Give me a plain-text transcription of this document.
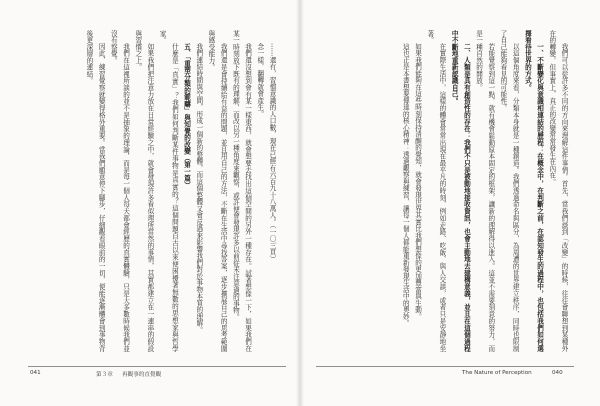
⋯⋯還有，習慣意識的人口數，現在已經有六百九十八萬人。（一〇三頁）

念一樣，翻轉就會產生。

我們還沒想到會有某一樣東西，就會想要去找出這個空間的另外一種存在。試著想像一下，如果我們在某一時刻放下既有的理解，而改以另一種角度來觀察，或許便會發現許多以前從未注意過的事物。

我們還是會持續給有益的問題，並且用自己的方法，不斷在生活中尋找答案，逐步擴展自己的思考範圍與感受能力。

我們連結時間與空間，形成一個新的整體，而這個整體又會反過來影響我們對於事物本質的理解。

五、「重塑分類的範疇」與知覺的改變（第一篇）

什麼是「真實」？我們如何判斷某件事物是真實的？這個問題自古以來便困擾著無數的思想家與哲學家。

如果我們把注意力放在日常經驗之中，就會發現許多看似理所當然的事情，其實都建立在一連串的假設與習慣之上。

我們在這裡所談的並不是抽象的理論，而是每一個人每天都會經歷的真實體驗，只是大多數時候我們並沒有察覺。

因此，練習覺察就變得格外重要。當我們願意停下腳步，仔細觀看眼前的一切，便能逐漸體會到事物背後更深層的連結。

041	第３章 再觀事的直覺觀

我們可以從許多不同的方向來理解這件事情。首先，當我們談到「改變」的時候，往往會聯想到某種外在的轉變，但事實上，真正的改變常常發生在內在。

一、不斷變化與意識相連結的歷程：在概念中，在判斷之前，在認知發生的過程中，也包括我們如何選擇看待世界的方式。

以這個角度來看，分類本身就是一種創造。我們透過命名與區分，為周遭的世界建立秩序，同時也限制了自己能夠看見的可能性。

若能覺察到這一點，就有機會鬆動原本固定的框架，讓新的理解得以進入。這並不需要刻意的努力，而是一種自然的開放。

二、人類是具有創造性的存在：我們不只是被動地接收資訊，也會主動地去建構意義，並且在這個過程中不斷地重新認識自己。

在實際生活中，這樣的體會常常出現在最平凡的時刻，例如走路、吃飯、與人交談，或者只是安靜地坐著。

如果我們能夠在這些時刻保持清醒的覺知，就會發現世界其實比我們想像的更加豐富與生動。

這也正是本書想要傳達的核心精神：透過觀察與練習，讓每一個人都能重新發現生活中的奧妙。

The Nature of Perception	040
